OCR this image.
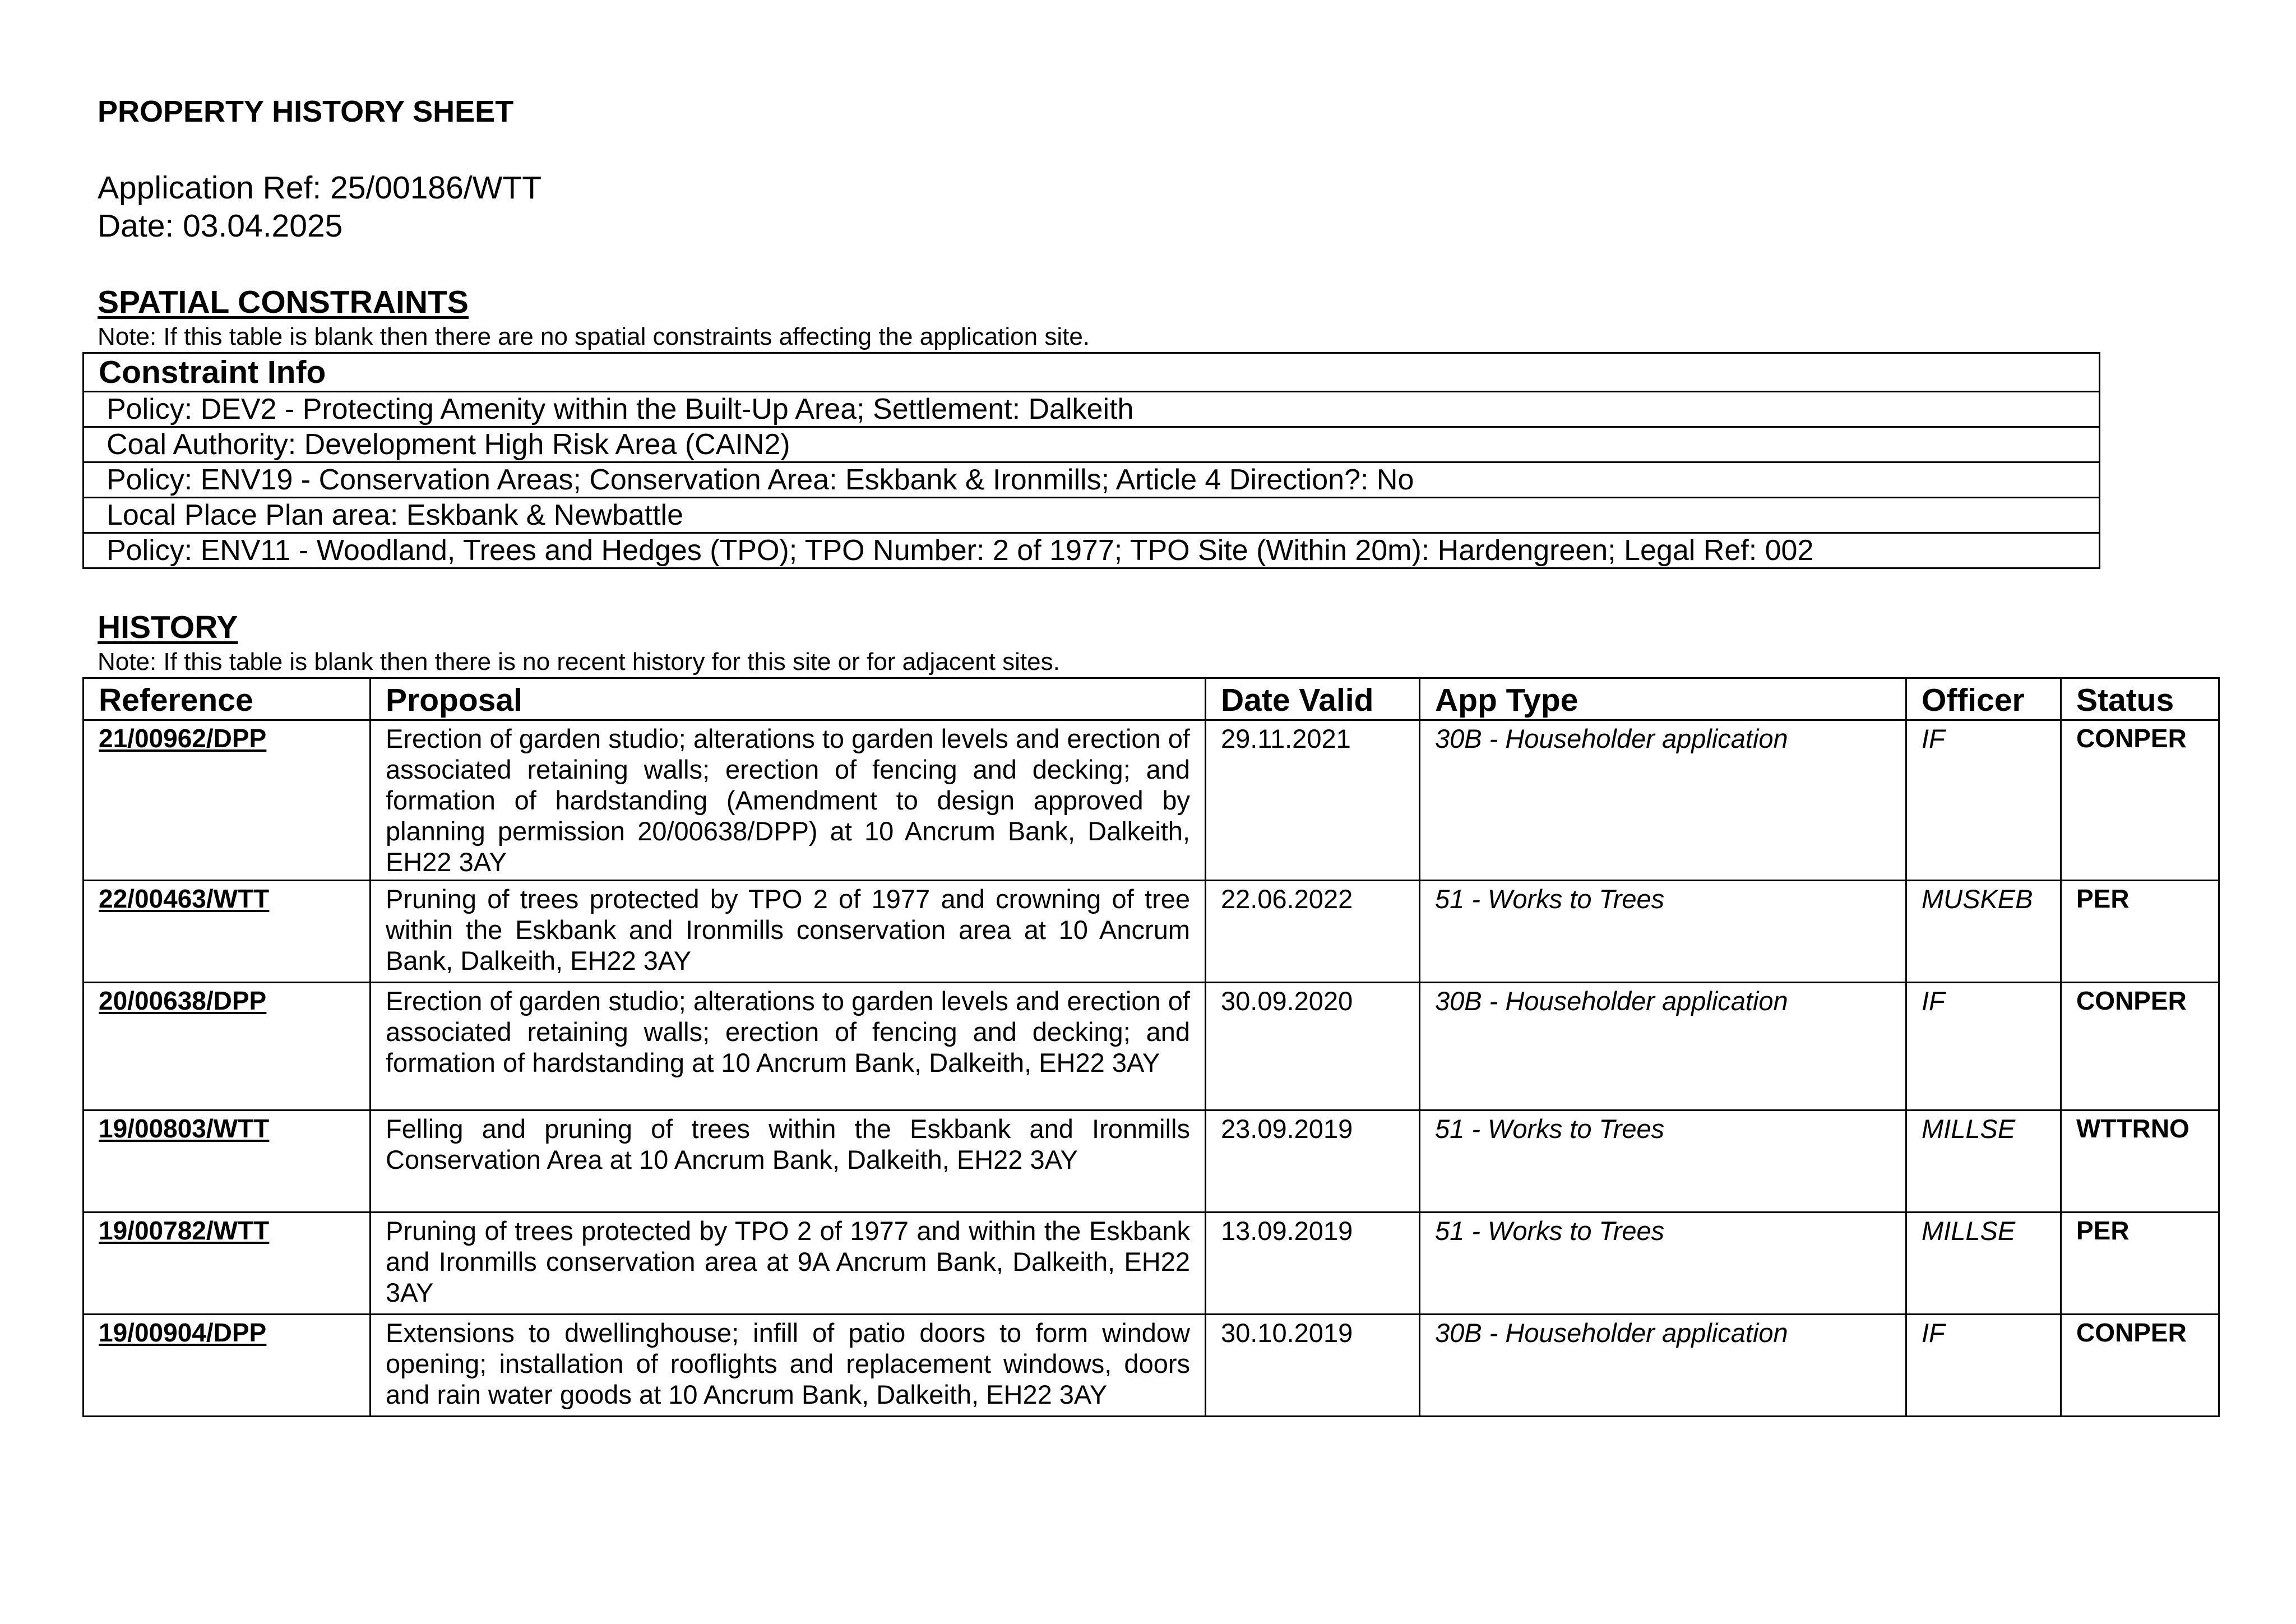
PROPERTY HISTORY SHEET

Application Ref: 25/00186/WTT

Date: 03.04.2025

SPATIAL CONSTRAINTS

Note: If this table is blank then there are no spatial constraints affecting the application site.

Constraint Info
Policy: DEV2 - Protecting Amenity within the Built-Up Area; Settlement: Dalkeith
Coal Authority: Development High Risk Area (CAIN2)
Policy: ENV19 - Conservation Areas; Conservation Area: Eskbank & Ironmills; Article 4 Direction?: No
Local Place Plan area: Eskbank & Newbattle
Policy: ENV11 - Woodland, Trees and Hedges (TPO); TPO Number: 2 of 1977; TPO Site (Within 20m): Hardengreen; Legal Ref: 002
HISTORY

Note: If this table is blank then there is no recent history for this site or for adjacent sites.

Reference	Proposal	Date Valid	App Type	Officer	Status
21/00962/DPP	Erection of garden studio; alterations to garden levels and erection of associated retaining walls; erection of fencing and decking; and formation of hardstanding (Amendment to design approved by planning permission 20/00638/DPP) at 10 Ancrum Bank, Dalkeith, EH22 3AY	29.11.2021	30B - Householder application	IF	CONPER
22/00463/WTT	Pruning of trees protected by TPO 2 of 1977 and crowning of tree within the Eskbank and Ironmills conservation area at 10 Ancrum Bank, Dalkeith, EH22 3AY	22.06.2022	51 - Works to Trees	MUSKEB	PER
20/00638/DPP	Erection of garden studio; alterations to garden levels and erection of associated retaining walls; erection of fencing and decking; and formation of hardstanding at 10 Ancrum Bank, Dalkeith, EH22 3AY	30.09.2020	30B - Householder application	IF	CONPER
19/00803/WTT	Felling and pruning of trees within the Eskbank and Ironmills Conservation Area at 10 Ancrum Bank, Dalkeith, EH22 3AY	23.09.2019	51 - Works to Trees	MILLSE	WTTRNO
19/00782/WTT	Pruning of trees protected by TPO 2 of 1977 and within the Eskbank and Ironmills conservation area at 9A Ancrum Bank, Dalkeith, EH22 3AY	13.09.2019	51 - Works to Trees	MILLSE	PER
19/00904/DPP	Extensions to dwellinghouse; infill of patio doors to form window opening; installation of rooflights and replacement windows, doors and rain water goods at 10 Ancrum Bank, Dalkeith, EH22 3AY	30.10.2019	30B - Householder application	IF	CONPER
